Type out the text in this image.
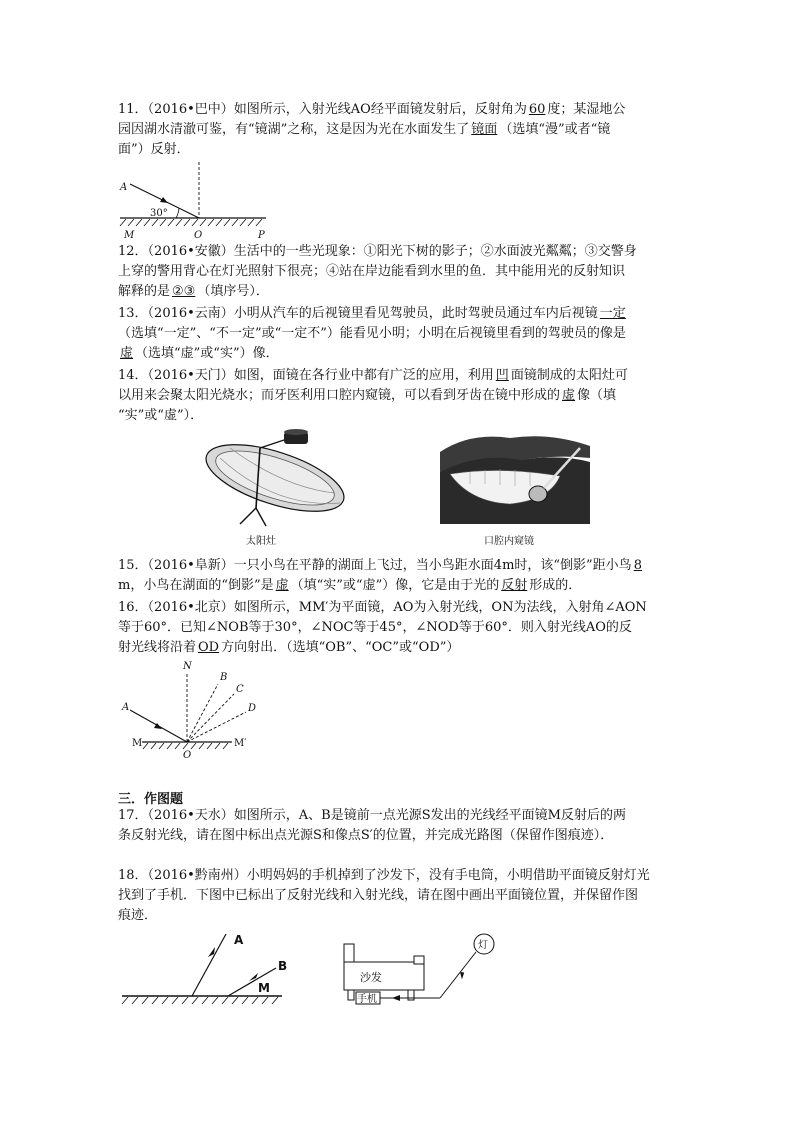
11．（2016•巴中）如图所示，入射光线AO经平面镜发射后，反射角为 60 度；某湿地公
园因湖水清澈可鉴，有“镜湖”之称，这是因为光在水面发生了 镜面 （选填“漫”或者“镜
面”）反射．
A
30°
M	O	P
12．（2016•安徽）生活中的一些光现象：①阳光下树的影子；②水面波光粼粼；③交警身
上穿的警用背心在灯光照射下很亮；④站在岸边能看到水里的鱼．其中能用光的反射知识
解释的是 ②③ （填序号）．
13．（2016•云南）小明从汽车的后视镜里看见驾驶员，此时驾驶员通过车内后视镜 一定
（选填“一定”、“不一定”或“一定不”）能看见小明；小明在后视镜里看到的驾驶员的像是
虚 （选填“虚”或“实”）像．
14．（2016•天门）如图，面镜在各行业中都有广泛的应用，利用 凹 面镜制成的太阳灶可
以用来会聚太阳光烧水；而牙医利用口腔内窥镜，可以看到牙齿在镜中形成的 虚 像（填
“实”或“虚”）．
太阳灶	口腔内窥镜
15．（2016•阜新）一只小鸟在平静的湖面上飞过，当小鸟距水面4m时，该“倒影”距小鸟 8
m，小鸟在湖面的“倒影”是 虚 （填“实”或“虚”）像，它是由于光的 反射 形成的．
16．（2016•北京）如图所示，MM′为平面镜，AO为入射光线，ON为法线，入射角∠AON
等于60°．已知∠NOB等于30°，∠NOC等于45°，∠NOD等于60°．则入射光线AO的反
射光线将沿着 OD 方向射出．（选填“OB”、“OC”或“OD”）
N
B
C
D
A
M	M′
O
三．作图题
17．（2016•天水）如图所示，A、B是镜前一点光源S发出的光线经平面镜M反射后的两
条反射光线，请在图中标出点光源S和像点S′的位置，并完成光路图（保留作图痕迹）．
18．（2016•黔南州）小明妈妈的手机掉到了沙发下，没有手电筒，小明借助平面镜反射灯光
找到了手机．下图中已标出了反射光线和入射光线，请在图中画出平面镜位置，并保留作图
痕迹．
A
B
M
沙发
手机
灯
